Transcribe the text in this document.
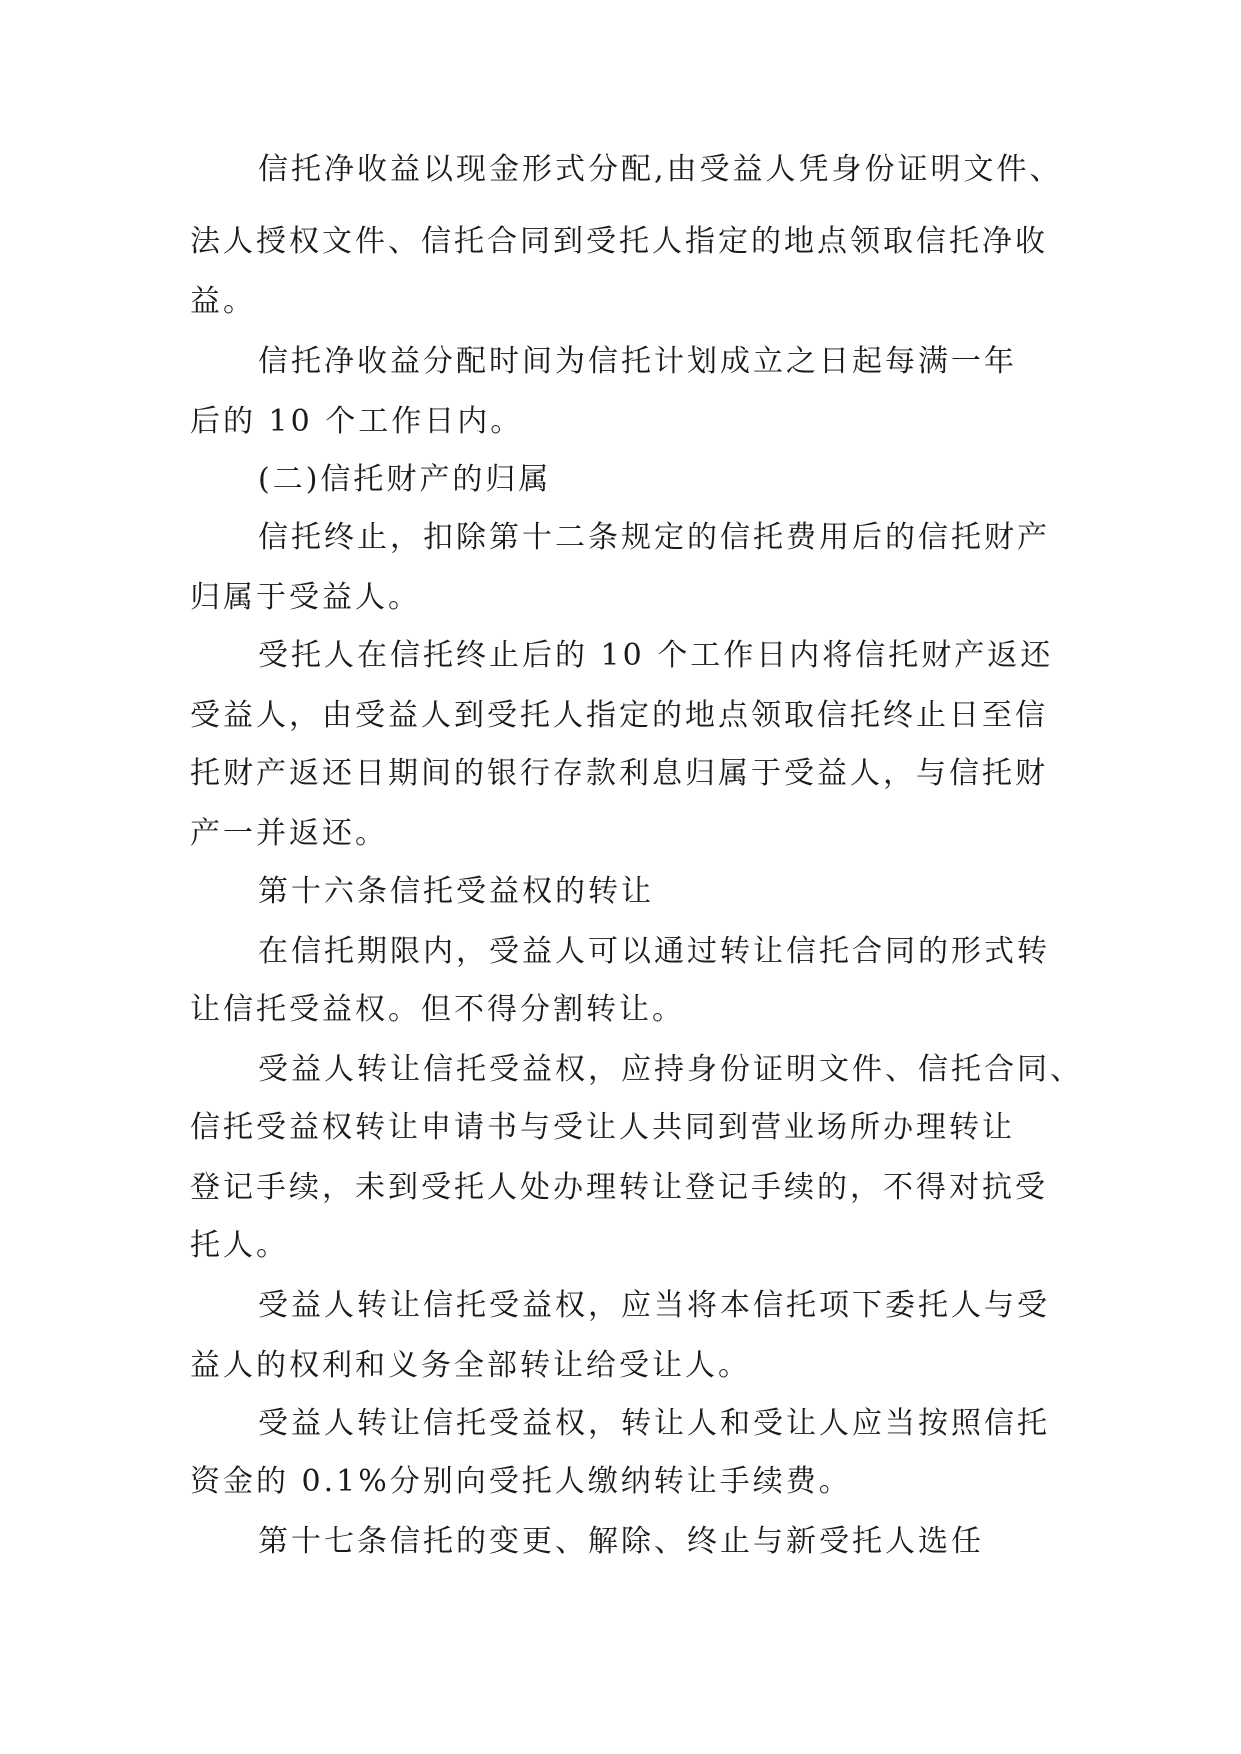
信托净收益以现金形式分配,由受益人凭身份证明文件、
法人授权文件、信托合同到受托人指定的地点领取信托净收
益。
信托净收益分配时间为信托计划成立之日起每满一年
后的 10 个工作日内。
(二)信托财产的归属
信托终止，扣除第十二条规定的信托费用后的信托财产
归属于受益人。
受托人在信托终止后的 10 个工作日内将信托财产返还
受益人，由受益人到受托人指定的地点领取信托终止日至信
托财产返还日期间的银行存款利息归属于受益人，与信托财
产一并返还。
第十六条信托受益权的转让
在信托期限内，受益人可以通过转让信托合同的形式转
让信托受益权。但不得分割转让。
受益人转让信托受益权，应持身份证明文件、信托合同、
信托受益权转让申请书与受让人共同到营业场所办理转让
登记手续，未到受托人处办理转让登记手续的，不得对抗受
托人。
受益人转让信托受益权，应当将本信托项下委托人与受
益人的权利和义务全部转让给受让人。
受益人转让信托受益权，转让人和受让人应当按照信托
资金的 0.1%分别向受托人缴纳转让手续费。
第十七条信托的变更、解除、终止与新受托人选任
